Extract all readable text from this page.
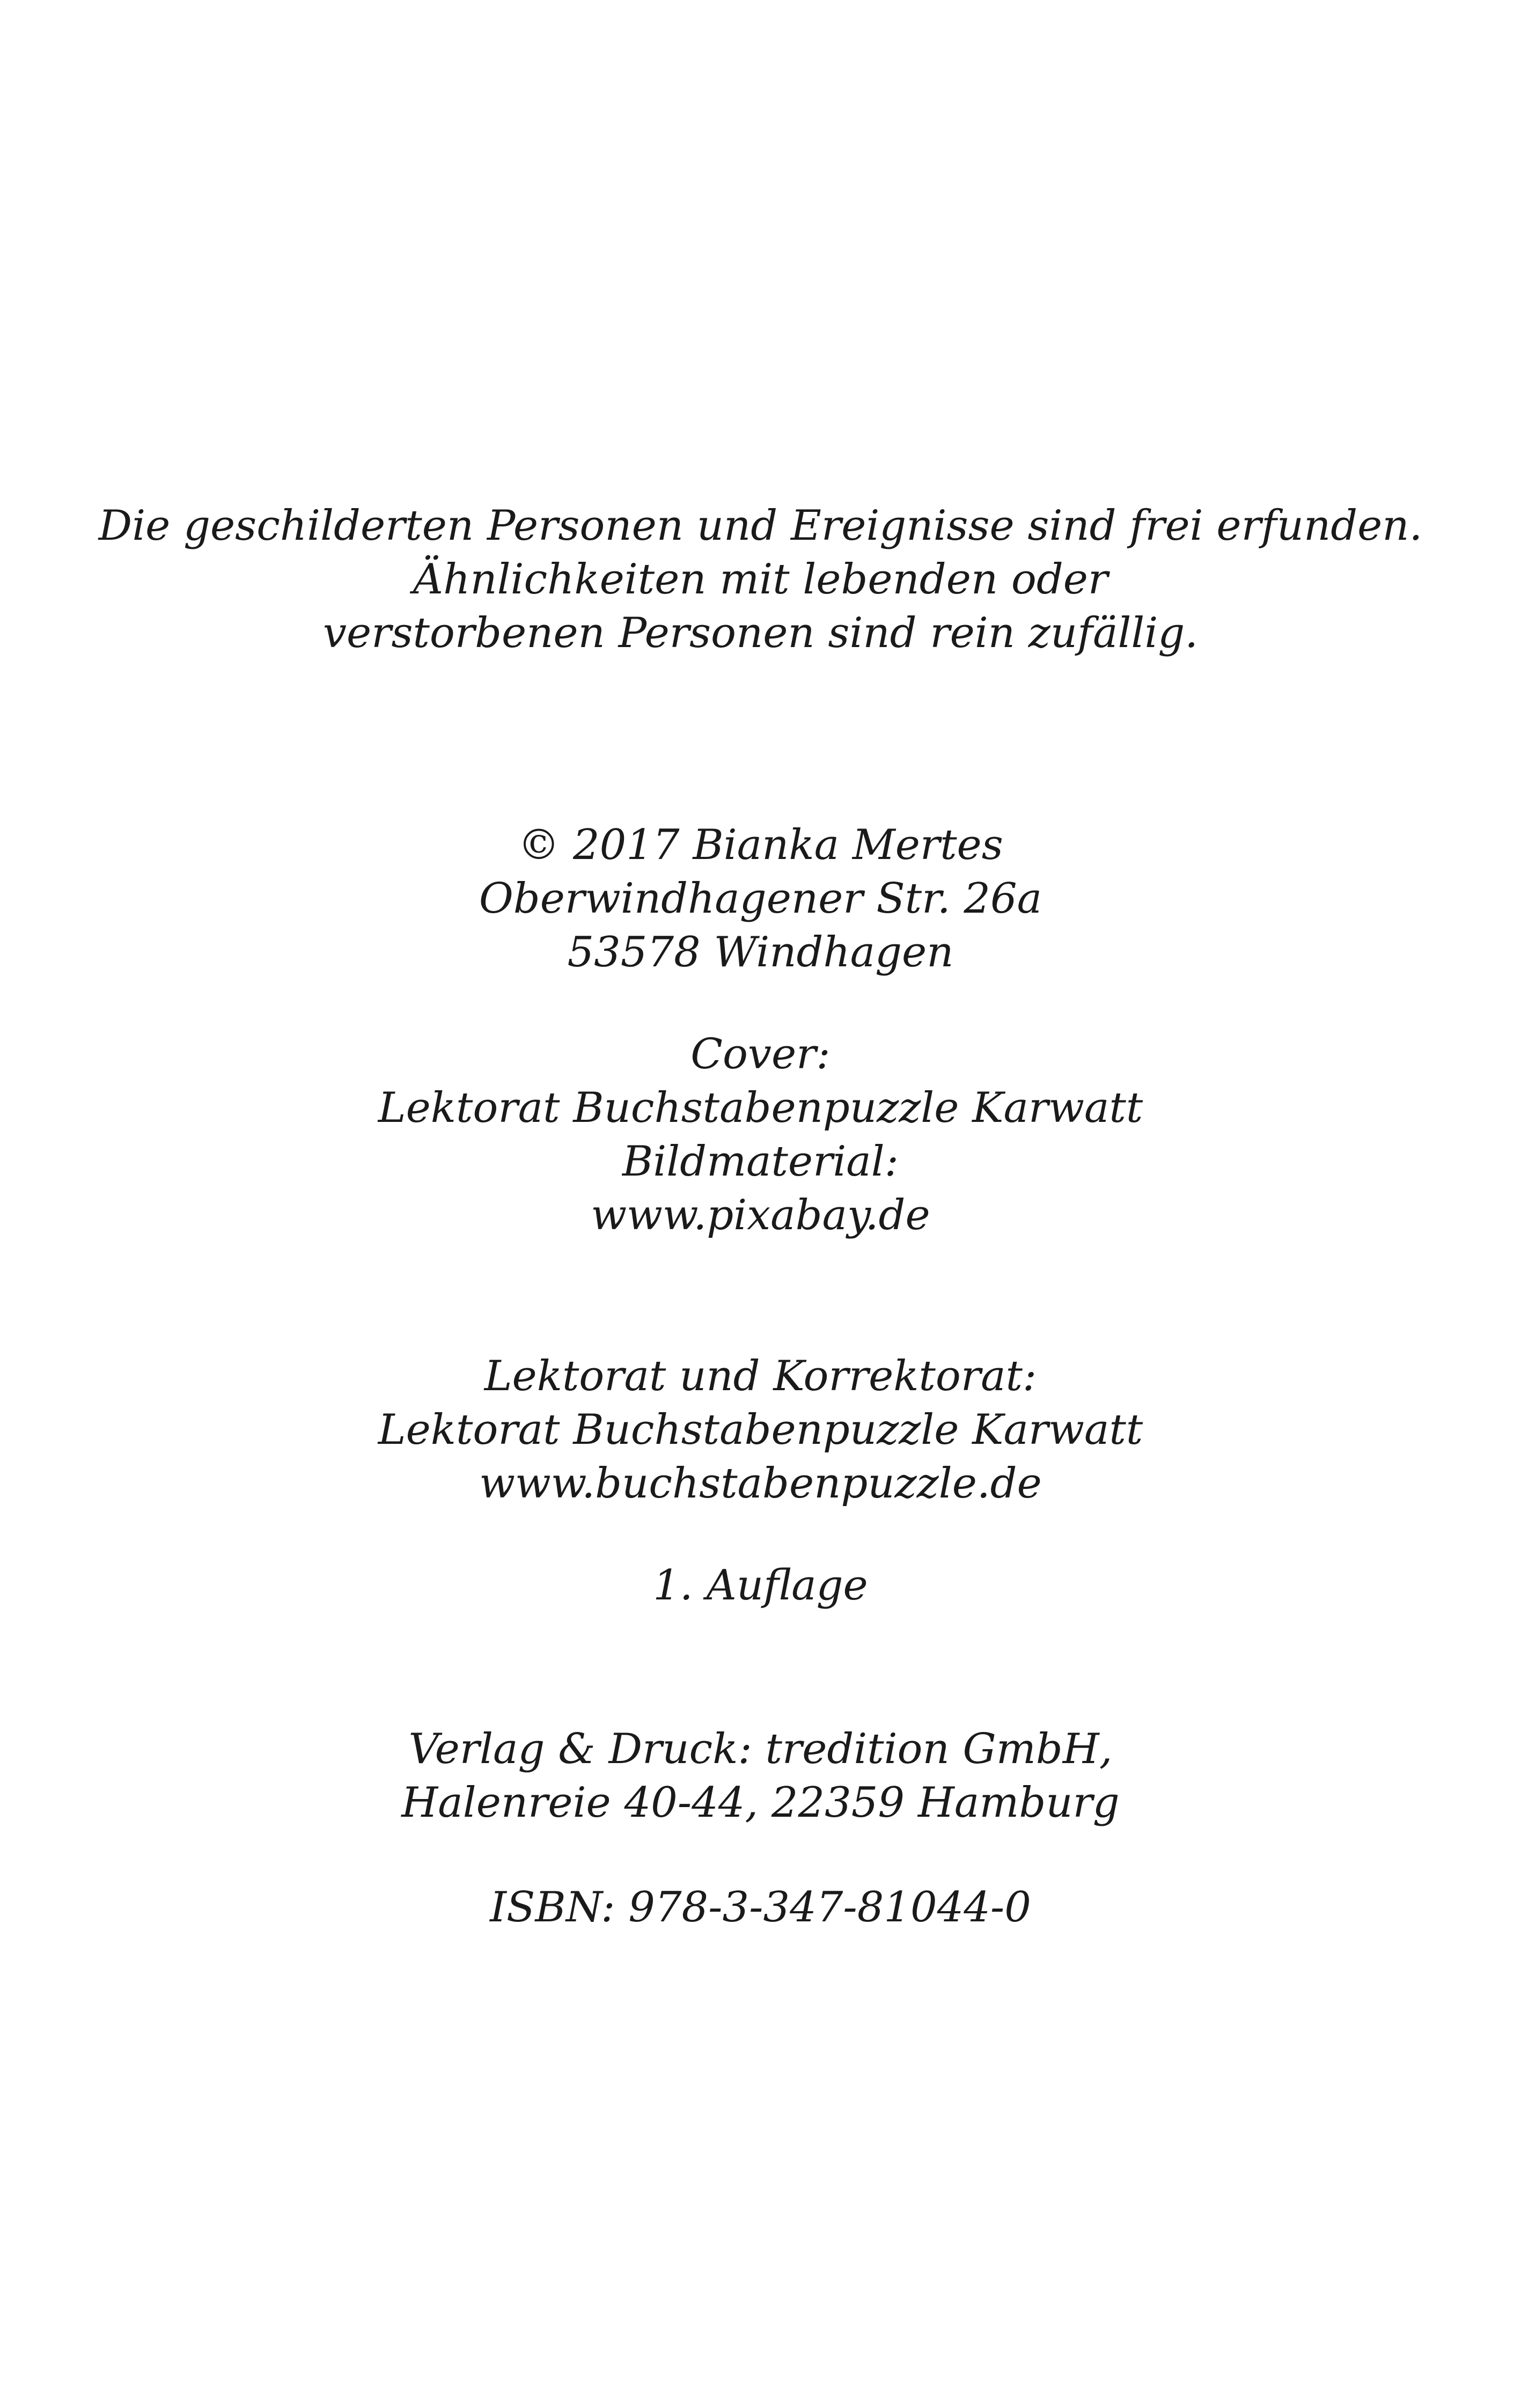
Die geschilderten Personen und Ereignisse sind frei erfunden.
Ähnlichkeiten mit lebenden oder
verstorbenen Personen sind rein zufällig.
© 2017 Bianka Mertes
Oberwindhagener Str. 26a
53578 Windhagen
Cover:
Lektorat Buchstabenpuzzle Karwatt
Bildmaterial:
www.pixabay.de
Lektorat und Korrektorat:
Lektorat Buchstabenpuzzle Karwatt
www.buchstabenpuzzle.de
1. Auflage
Verlag & Druck: tredition GmbH,
Halenreie 40-44, 22359 Hamburg
ISBN: 978-3-347-81044-0
